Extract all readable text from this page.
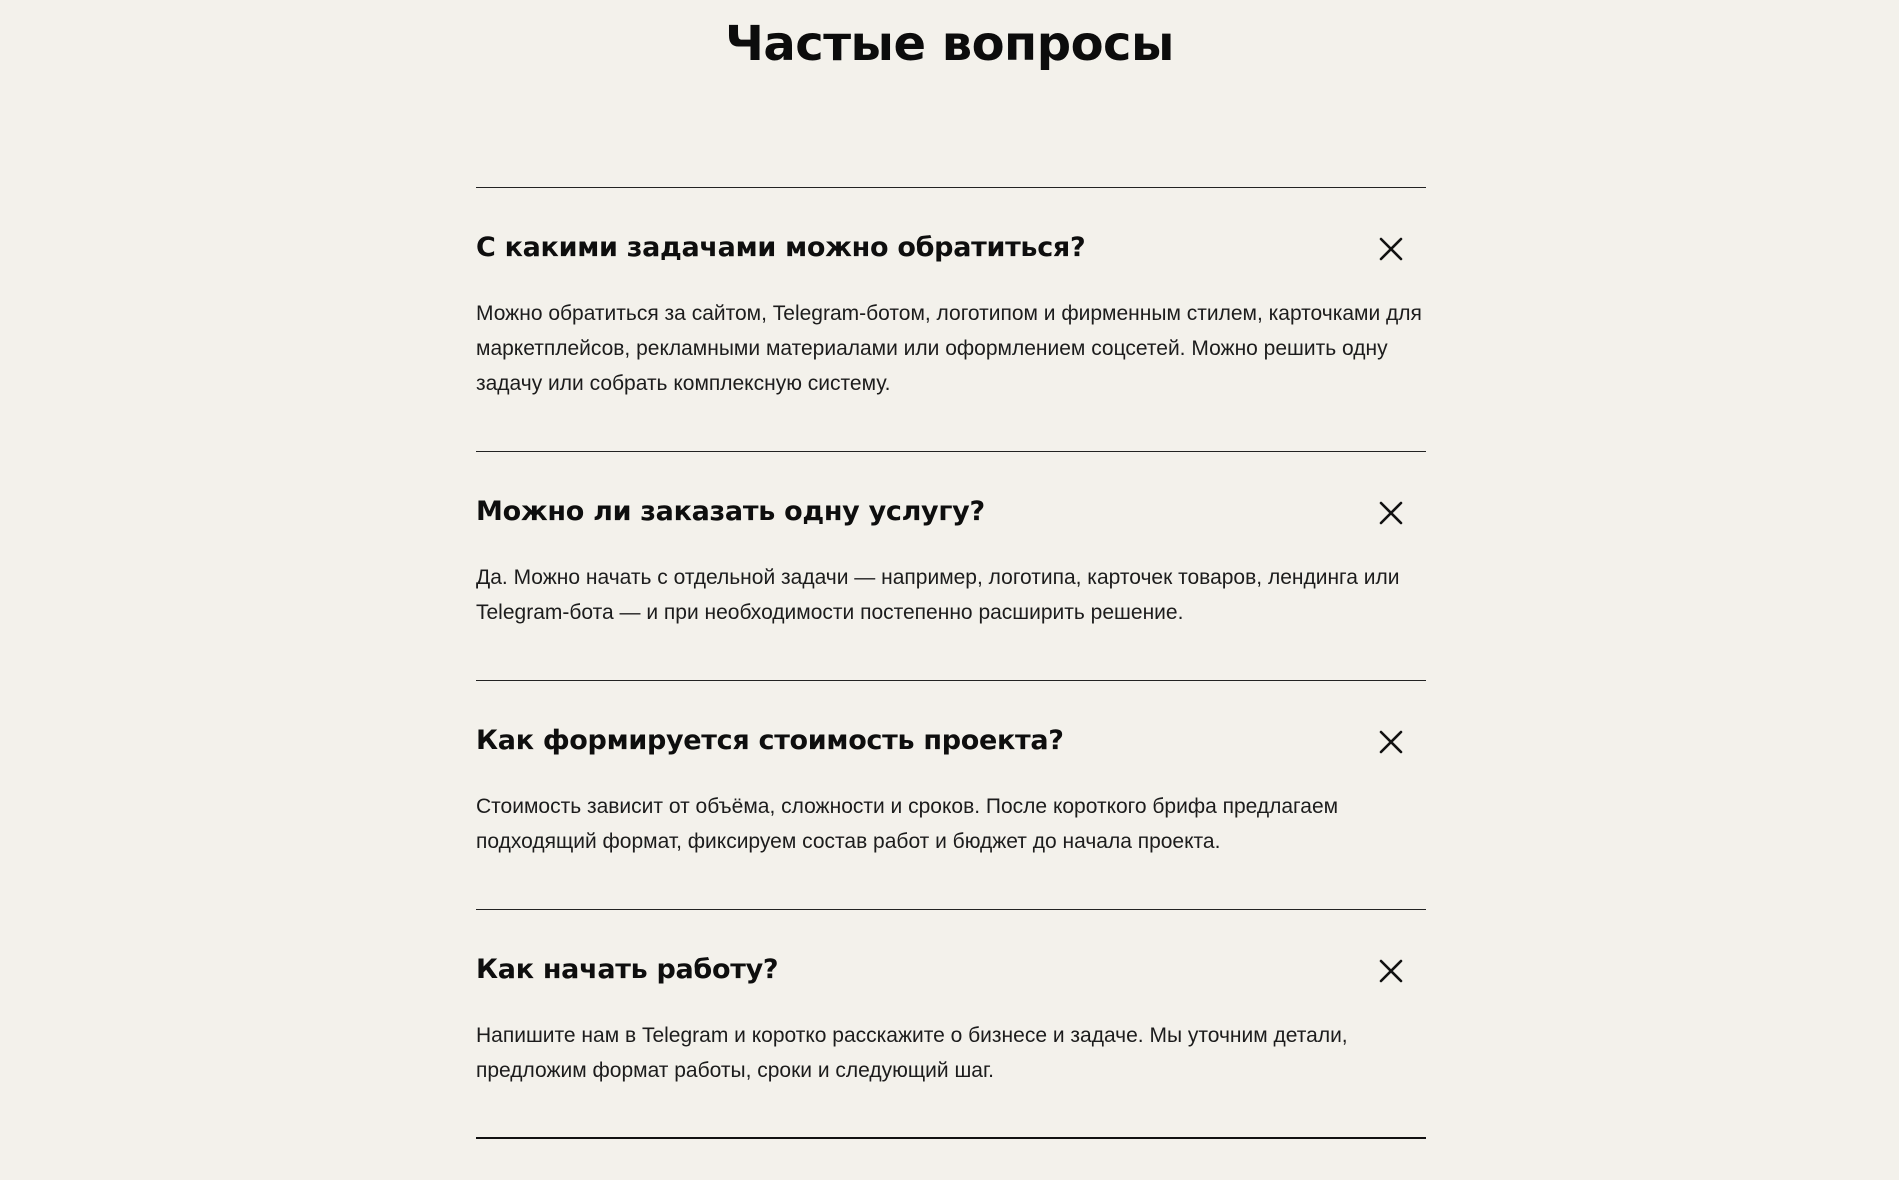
Частые вопросы
С какими задачами можно обратиться?

Можно обратиться за сайтом, Telegram-ботом, логотипом и фирменным стилем, карточками для маркетплейсов, рекламными материалами или оформлением соцсетей. Можно решить одну задачу или собрать комплексную систему.

Можно ли заказать одну услугу?

Да. Можно начать с отдельной задачи — например, логотипа, карточек товаров, лендинга или Telegram-бота — и при необходимости постепенно расширить решение.

Как формируется стоимость проекта?

Стоимость зависит от объёма, сложности и сроков. После короткого брифа предлагаем подходящий формат, фиксируем состав работ и бюджет до начала проекта.

Как начать работу?

Напишите нам в Telegram и коротко расскажите о бизнесе и задаче. Мы уточним детали, предложим формат работы, сроки и следующий шаг.
